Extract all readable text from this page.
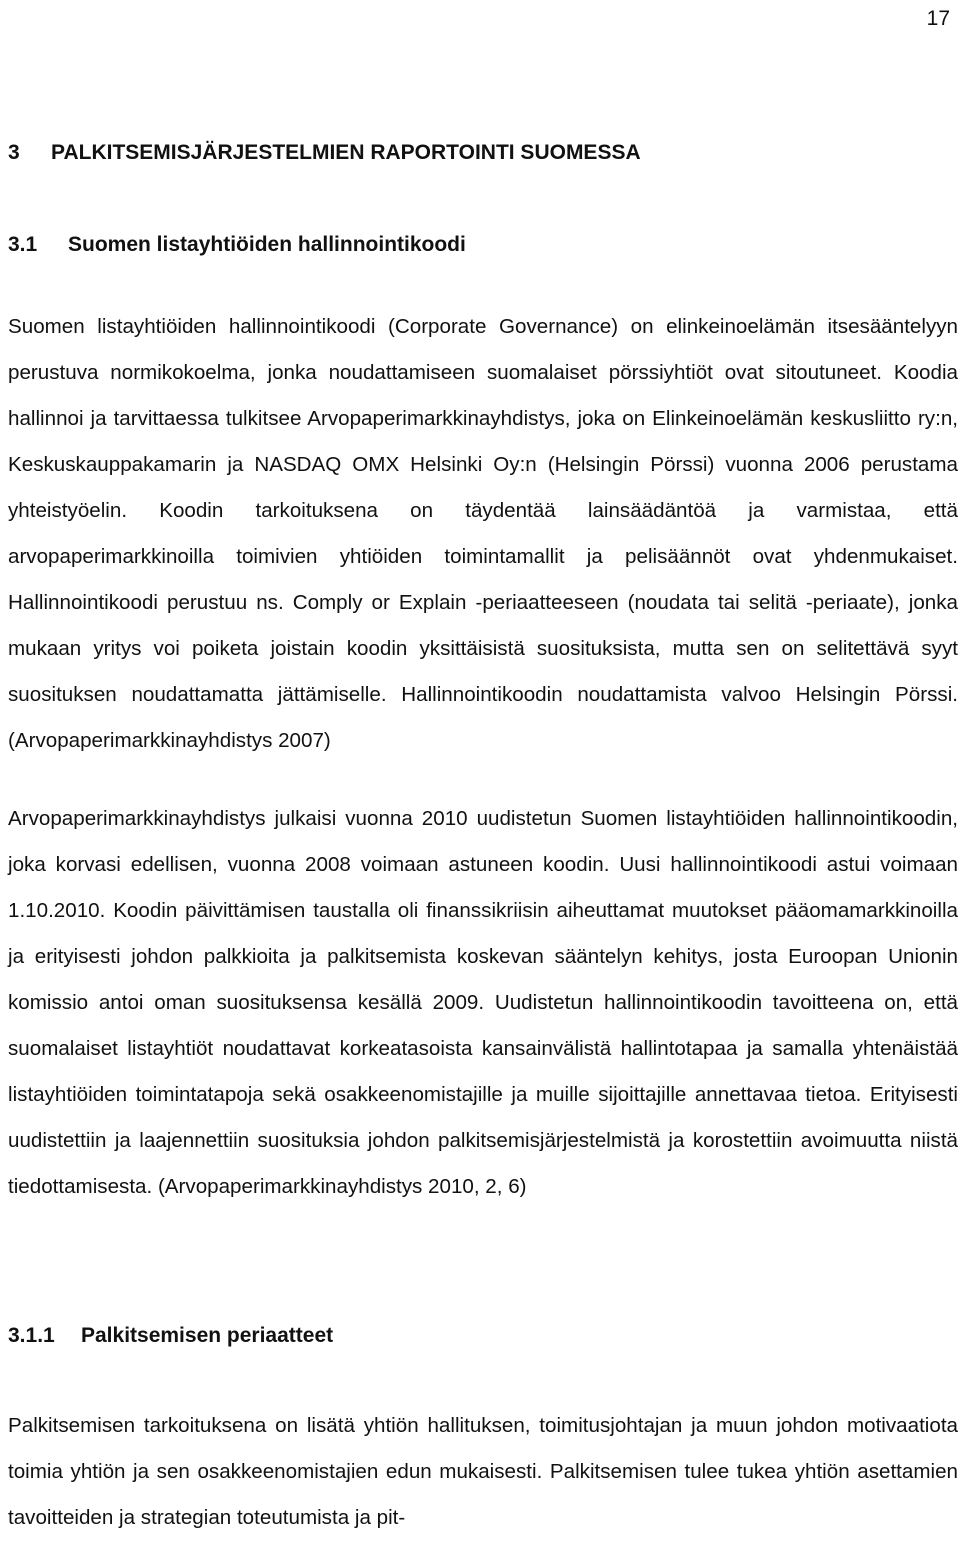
17
3 PALKITSEMISJÄRJESTELMIEN RAPORTOINTI SUOMESSA
3.1 Suomen listayhtiöiden hallinnointikoodi

Suomen listayhtiöiden hallinnointikoodi (Corporate Governance) on elinkeinoelämän itsesääntelyyn perustuva normikokoelma, jonka noudattamiseen suomalaiset pörssiyhtiöt ovat sitoutuneet. Koodia hallinnoi ja tarvittaessa tulkitsee Arvopaperimarkkinayhdistys, joka on Elinkeinoelämän keskusliitto ry:n, Keskuskauppakamarin ja NASDAQ OMX Helsinki Oy:n (Helsingin Pörssi) vuonna 2006 perustama yhteistyöelin. Koodin tarkoituksena on täydentää lainsäädäntöä ja varmistaa, että arvopaperimarkkinoilla toimivien yhtiöiden toimintamallit ja pelisäännöt ovat yhdenmukaiset. Hallinnointikoodi perustuu ns. Comply or Explain -periaatteeseen (noudata tai selitä -periaate), jonka mukaan yritys voi poiketa joistain koodin yksittäisistä suosituksista, mutta sen on selitettävä syyt suosituksen noudattamatta jättämiselle. Hallinnointikoodin noudattamista valvoo Helsingin Pörssi. (Arvopaperimarkkinayhdistys 2007)

Arvopaperimarkkinayhdistys julkaisi vuonna 2010 uudistetun Suomen listayhtiöiden hallinnointikoodin, joka korvasi edellisen, vuonna 2008 voimaan astuneen koodin. Uusi hallinnointikoodi astui voimaan 1.10.2010. Koodin päivittämisen taustalla oli finanssikriisin aiheuttamat muutokset pääomamarkkinoilla ja erityisesti johdon palkkioita ja palkitsemista koskevan sääntelyn kehitys, josta Euroopan Unionin komissio antoi oman suosituksensa kesällä 2009. Uudistetun hallinnointikoodin tavoitteena on, että suomalaiset listayhtiöt noudattavat korkeatasoista kansainvälistä hallintotapaa ja samalla yhtenäistää listayhtiöiden toimintatapoja sekä osakkeenomistajille ja muille sijoittajille annettavaa tietoa. Erityisesti uudistettiin ja laajennettiin suosituksia johdon palkitsemisjärjestelmistä ja korostettiin avoimuutta niistä tiedottamisesta. (Arvopaperimarkkinayhdistys 2010, 2, 6)

3.1.1 Palkitsemisen periaatteet

Palkitsemisen tarkoituksena on lisätä yhtiön hallituksen, toimitusjohtajan ja muun johdon motivaatiota toimia yhtiön ja sen osakkeenomistajien edun mukaisesti. Palkitsemisen tulee tukea yhtiön asettamien tavoitteiden ja strategian toteutumista ja pit-
